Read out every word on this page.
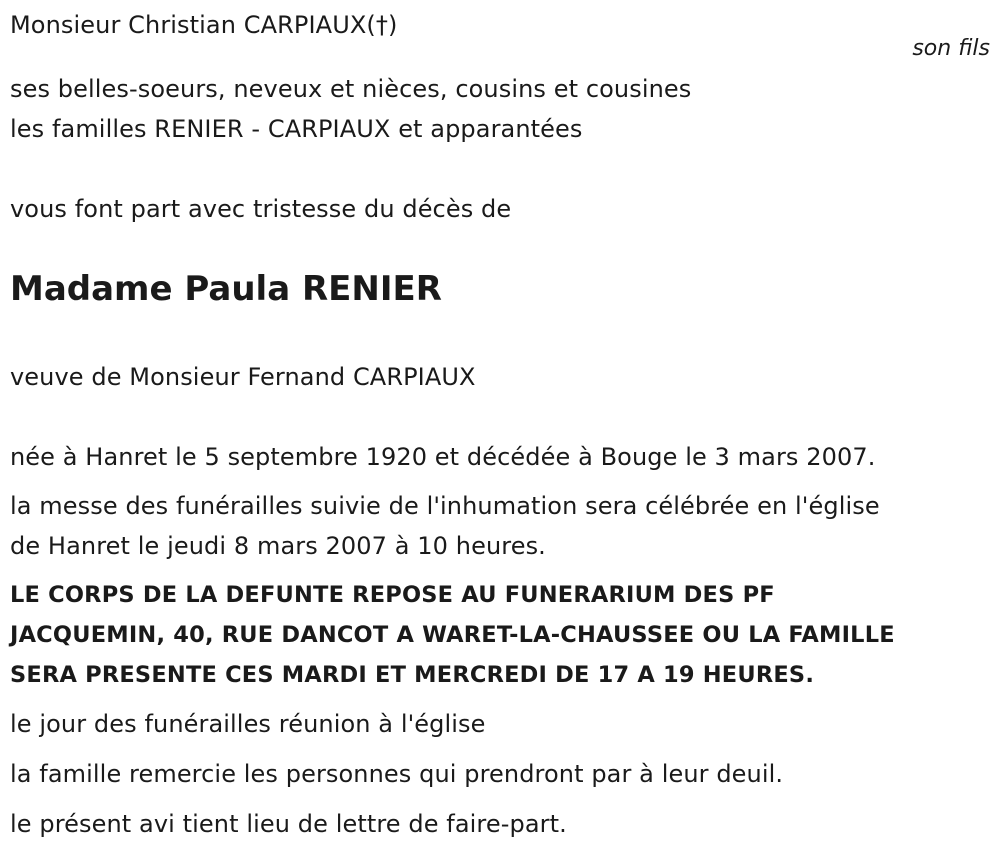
Monsieur Christian CARPIAUX(†)
son fils
ses belles-soeurs, neveux et nièces, cousins et cousines
les familles RENIER - CARPIAUX et apparantées
vous font part avec tristesse du décès de
Madame Paula RENIER
veuve de Monsieur Fernand CARPIAUX
née à Hanret le 5 septembre 1920 et décédée à Bouge le 3 mars 2007.
la messe des funérailles suivie de l'inhumation sera célébrée en l'église
de Hanret le jeudi 8 mars 2007 à 10 heures.
LE CORPS DE LA DEFUNTE REPOSE AU FUNERARIUM DES PF
JACQUEMIN, 40, RUE DANCOT A WARET-LA-CHAUSSEE OU LA FAMILLE
SERA PRESENTE CES MARDI ET MERCREDI DE 17 A 19 HEURES.
le jour des funérailles réunion à l'église
la famille remercie les personnes qui prendront par à leur deuil.
le présent avi tient lieu de lettre de faire-part.
